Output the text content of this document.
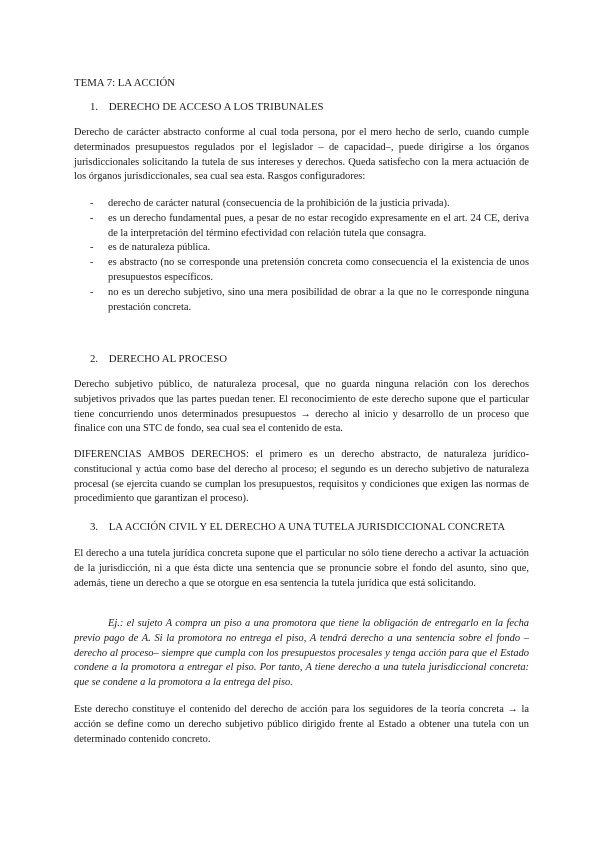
TEMA 7: LA ACCIÓN
1. DERECHO DE ACCESO A LOS TRIBUNALES
Derecho de carácter abstracto conforme al cual toda persona, por el mero hecho de serlo, cuando cumple determinados presupuestos regulados por el legislador – de capacidad–, puede dirigirse a los órganos jurisdiccionales solicitando la tutela de sus intereses y derechos. Queda satisfecho con la mera actuación de los órganos jurisdiccionales, sea cual sea esta. Rasgos configuradores:
- derecho de carácter natural (consecuencia de la prohibición de la justicia privada).
- es un derecho fundamental pues, a pesar de no estar recogido expresamente en el art. 24 CE, deriva de la interpretación del término efectividad con relación tutela que consagra.
- es de naturaleza pública.
- es abstracto (no se corresponde una pretensión concreta como consecuencia el la existencia de unos presupuestos específicos.
- no es un derecho subjetivo, sino una mera posibilidad de obrar a la que no le corresponde ninguna prestación concreta.
2. DERECHO AL PROCESO
Derecho subjetivo público, de naturaleza procesal, que no guarda ninguna relación con los derechos subjetivos privados que las partes puedan tener. El reconocimiento de este derecho supone que el particular tiene concurriendo unos determinados presupuestos → derecho al inicio y desarrollo de un proceso que finalice con una STC de fondo, sea cual sea el contenido de esta.
DIFERENCIAS AMBOS DERECHOS: el primero es un derecho abstracto, de naturaleza jurídico-constitucional y actúa como base del derecho al proceso; el segundo es un derecho subjetivo de naturaleza procesal (se ejercita cuando se cumplan los presupuestos, requisitos y condiciones que exigen las normas de procedimiento que garantizan el proceso).
3. LA ACCIÓN CIVIL Y EL DERECHO A UNA TUTELA JURISDICCIONAL CONCRETA
El derecho a una tutela jurídica concreta supone que el particular no sólo tiene derecho a activar la actuación de la jurisdicción, ni a que ésta dicte una sentencia que se pronuncie sobre el fondo del asunto, sino que, además, tiene un derecho a que se otorgue en esa sentencia la tutela jurídica que está solicitando.
Ej.: el sujeto A compra un piso a una promotora que tiene la obligación de entregarlo en la fecha previo pago de A. Si la promotora no entrega el piso, A tendrá derecho a una sentencia sobre el fondo –derecho al proceso– siempre que cumpla con los presupuestos procesales y tenga acción para que el Estado condene a la promotora a entregar el piso. Por tanto, A tiene derecho a una tutela jurisdiccional concreta: que se condene a la promotora a la entrega del piso.
Este derecho constituye el contenido del derecho de acción para los seguidores de la teoría concreta → la acción se define como un derecho subjetivo público dirigido frente al Estado a obtener una tutela con un determinado contenido concreto.
